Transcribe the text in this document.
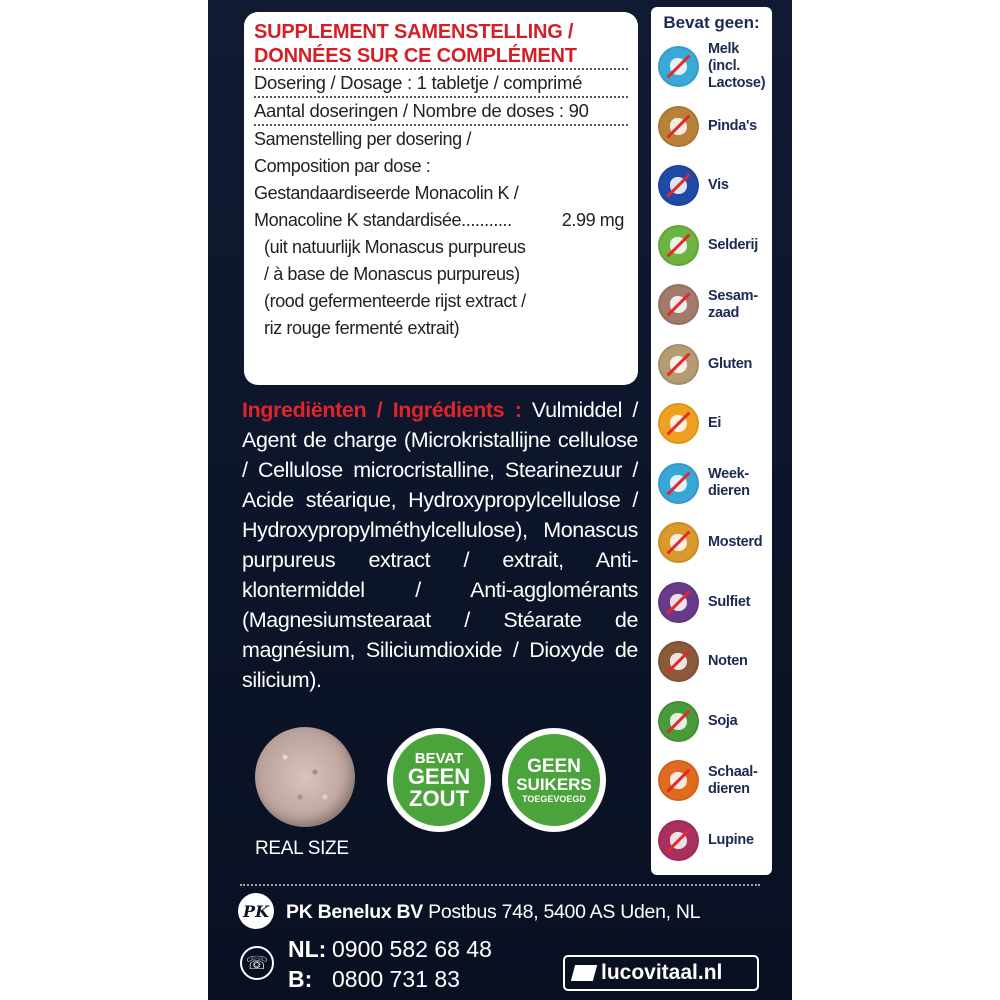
SUPPLEMENT SAMENSTELLING /
DONNÉES SUR CE COMPLÉMENT
Dosering / Dosage : 1 tabletje / comprimé
Aantal doseringen / Nombre de doses : 90
Samenstelling per dosering /
Composition par dose :
Gestandaardiseerde Monacolin K /
Monacoline K standardisée...........	2.99 mg
(uit natuurlijk Monascus purpureus
/ à base de Monascus purpureus)
(rood gefermenteerde rijst extract /
riz rouge fermenté extrait)
Ingrediënten / Ingrédients : Vulmiddel / Agent de charge (Microkristallijne cellulose / Cellulose microcristalline, Stearinezuur / Acide stéarique, Hydroxypropylcellulose / Hydroxypropylméthylcellulose), Monascus purpureus extract / extrait, Anti-klontermiddel / Anti-agglomérants (Magnesiumstearaat / Stéarate de magnésium, Siliciumdioxide / Dioxyde de silicium).
REAL SIZE
BEVAT
GEEN
ZOUT
GEEN
SUIKERS
TOEGEVOEGD
PK PK Benelux BV Postbus 748, 5400 AS Uden, NL
☏
NL: 0900 582 68 48
B: 0800 731 83	lucovitaal.nl
Bevat geen:
Melk
(incl.
Lactose)
Pinda's
Vis
Selderij
Sesam-
zaad
Gluten
Ei
Week-
dieren
Mosterd
Sulfiet
Noten
Soja
Schaal-
dieren
Lupine
